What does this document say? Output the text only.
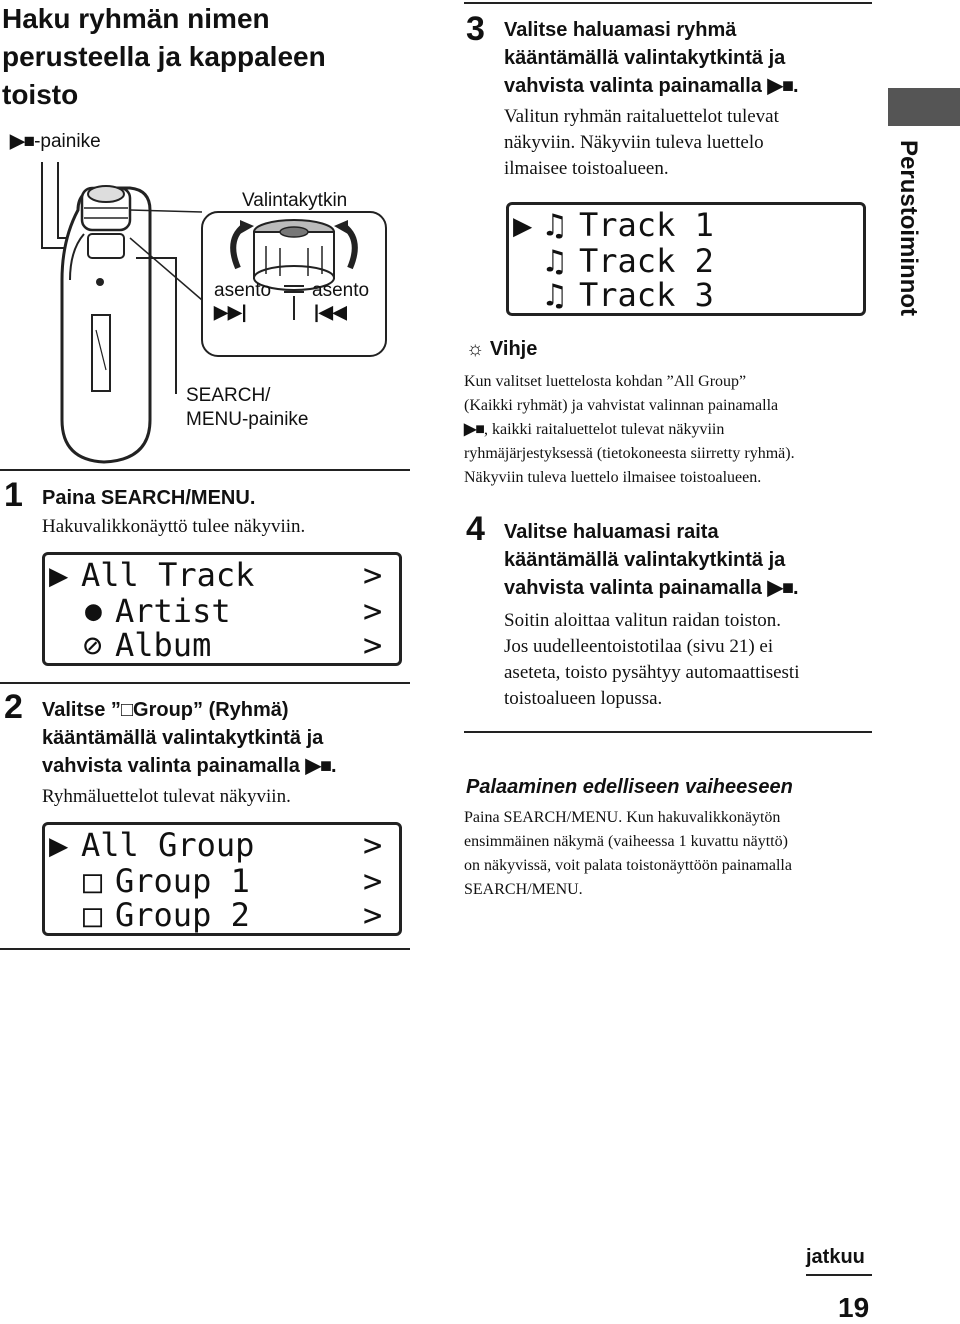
Haku ryhmän nimen perusteella ja kappaleen toisto
▶■-painike
Valintakytkin
asento asento
▶▶|	|◀◀
SEARCH/
MENU-painike
1 Paina SEARCH/MENU.
Hakuvalikkonäyttö tulee näkyviin.
▶ All Track
● Artist
⊘ Album
>
>
>
2 Valitse ”□Group” (Ryhmä)
kääntämällä valintakytkintä ja
vahvista valinta painamalla ▶■.
Ryhmäluettelot tulevat näkyviin.
▶ All Group
□ Group 1
□ Group 2
>
>
>
3 Valitse haluamasi ryhmä
kääntämällä valintakytkintä ja
vahvista valinta painamalla ▶■.
Valitun ryhmän raitaluettelot tulevat
näkyviin. Näkyviin tuleva luettelo
ilmaisee toistoalueen.
▶ ♫ Track 1
♫ Track 2
♫ Track 3
☼ Vihje
Kun valitset luettelosta kohdan ”All Group”
(Kaikki ryhmät) ja vahvistat valinnan painamalla
▶■, kaikki raitaluettelot tulevat näkyviin
ryhmäjärjestyksessä (tietokoneesta siirretty ryhmä).
Näkyviin tuleva luettelo ilmaisee toistoalueen.
4 Valitse haluamasi raita
kääntämällä valintakytkintä ja
vahvista valinta painamalla ▶■.
Soitin aloittaa valitun raidan toiston.
Jos uudelleentoistotilaa (sivu 21) ei
aseteta, toisto pysähtyy automaattisesti
toistoalueen lopussa.
Palaaminen edelliseen vaiheeseen
Paina SEARCH/MENU. Kun hakuvalikkonäytön
ensimmäinen näkymä (vaiheessa 1 kuvattu näyttö)
on näkyvissä, voit palata toistonäyttöön painamalla
SEARCH/MENU.
Perustoiminnot
jatkuu
19
